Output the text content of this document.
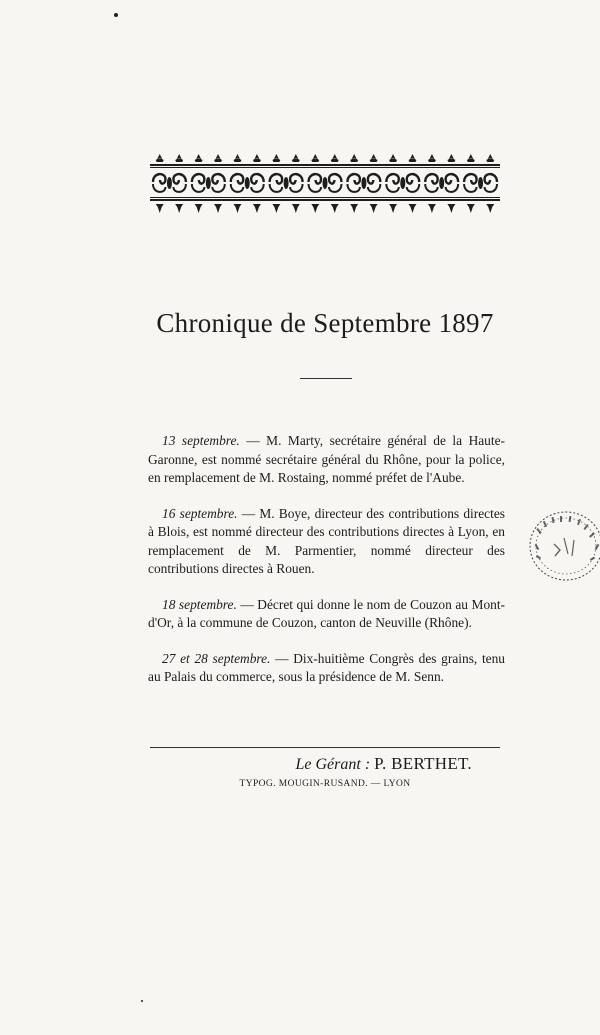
Chronique de Septembre 1897

13 septembre. — M. Marty, secrétaire général de la Haute-Garonne, est nommé secrétaire général du Rhône, pour la police, en remplacement de M. Rostaing, nommé préfet de l'Aube.

16 septembre. — M. Boye, directeur des contributions directes à Blois, est nommé directeur des contributions directes à Lyon, en remplacement de M. Parmentier, nommé directeur des contributions directes à Rouen.

18 septembre. — Décret qui donne le nom de Couzon au Mont-d'Or, à la commune de Couzon, canton de Neuville (Rhône).

27 et 28 septembre. — Dix-huitième Congrès des grains, tenu au Palais du commerce, sous la présidence de M. Senn.

Le Gérant : P. BERTHET.
TYPOG. MOUGIN-RUSAND. — LYON
